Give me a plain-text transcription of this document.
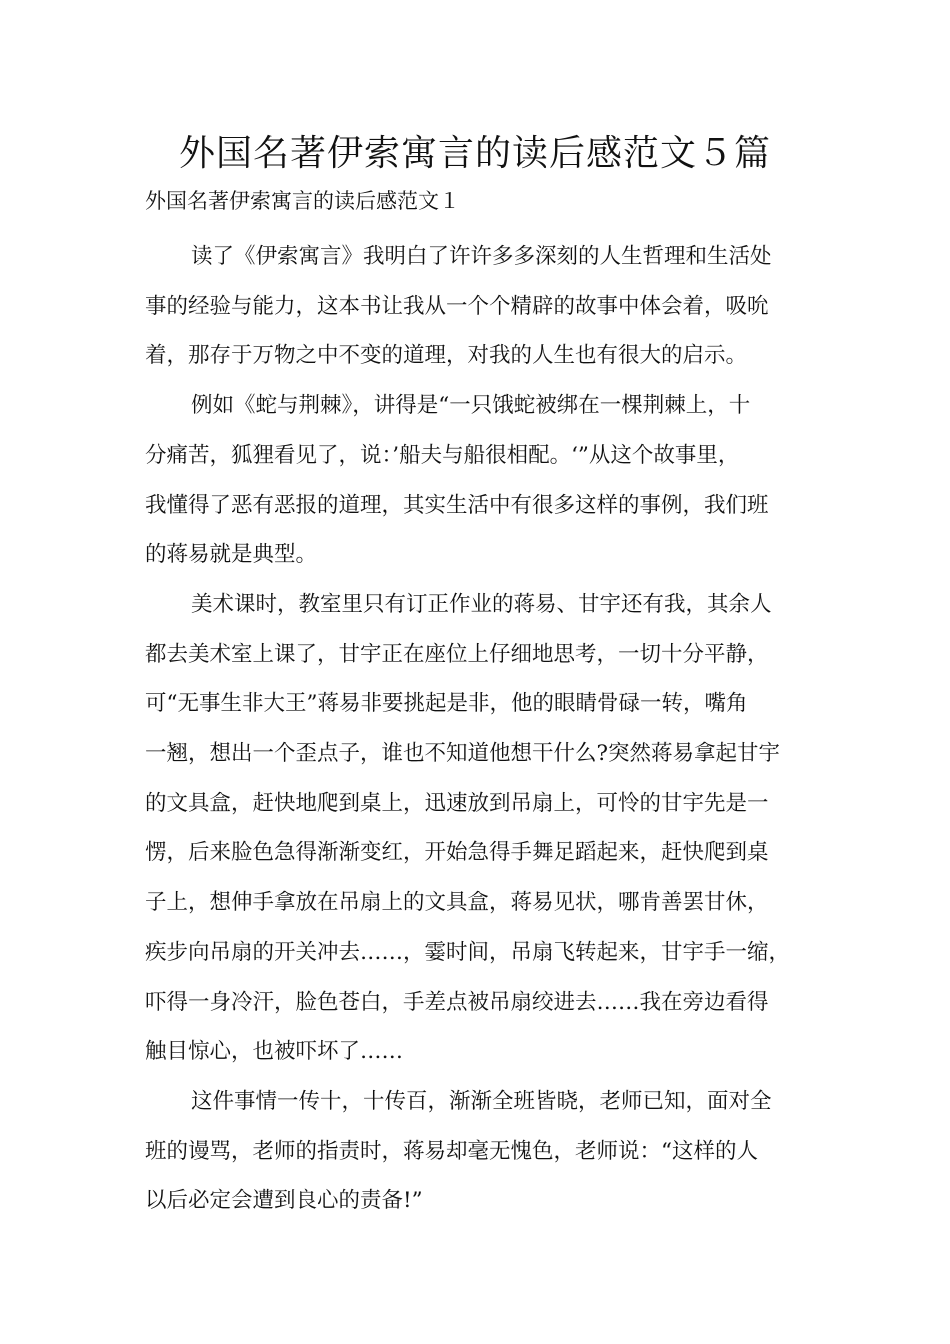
外国名著伊索寓言的读后感范文５篇

外国名著伊索寓言的读后感范文１

读了《伊索寓言》我明白了许许多多深刻的人生哲理和生活处
事的经验与能力，这本书让我从一个个精辟的故事中体会着，吸吮
着，那存于万物之中不变的道理，对我的人生也有很大的启示。
例如《蛇与荆棘》，讲得是“一只饿蛇被绑在一棵荆棘上，十
分痛苦，狐狸看见了，说：’船夫与船很相配。‘”从这个故事里，
我懂得了恶有恶报的道理，其实生活中有很多这样的事例，我们班
的蒋易就是典型。
美术课时，教室里只有订正作业的蒋易、甘宇还有我，其余人
都去美术室上课了，甘宇正在座位上仔细地思考，一切十分平静，
可“无事生非大王”蒋易非要挑起是非，他的眼睛骨碌一转，嘴角
一翘，想出一个歪点子，谁也不知道他想干什么?突然蒋易拿起甘宇
的文具盒，赶快地爬到桌上，迅速放到吊扇上，可怜的甘宇先是一
愣，后来脸色急得渐渐变红，开始急得手舞足蹈起来，赶快爬到桌
子上，想伸手拿放在吊扇上的文具盒，蒋易见状，哪肯善罢甘休，
疾步向吊扇的开关冲去……，霎时间，吊扇飞转起来，甘宇手一缩，
吓得一身冷汗，脸色苍白，手差点被吊扇绞进去……我在旁边看得
触目惊心，也被吓坏了……
这件事情一传十，十传百，渐渐全班皆晓，老师已知，面对全
班的谩骂，老师的指责时，蒋易却毫无愧色，老师说：“这样的人
以后必定会遭到良心的责备!”
